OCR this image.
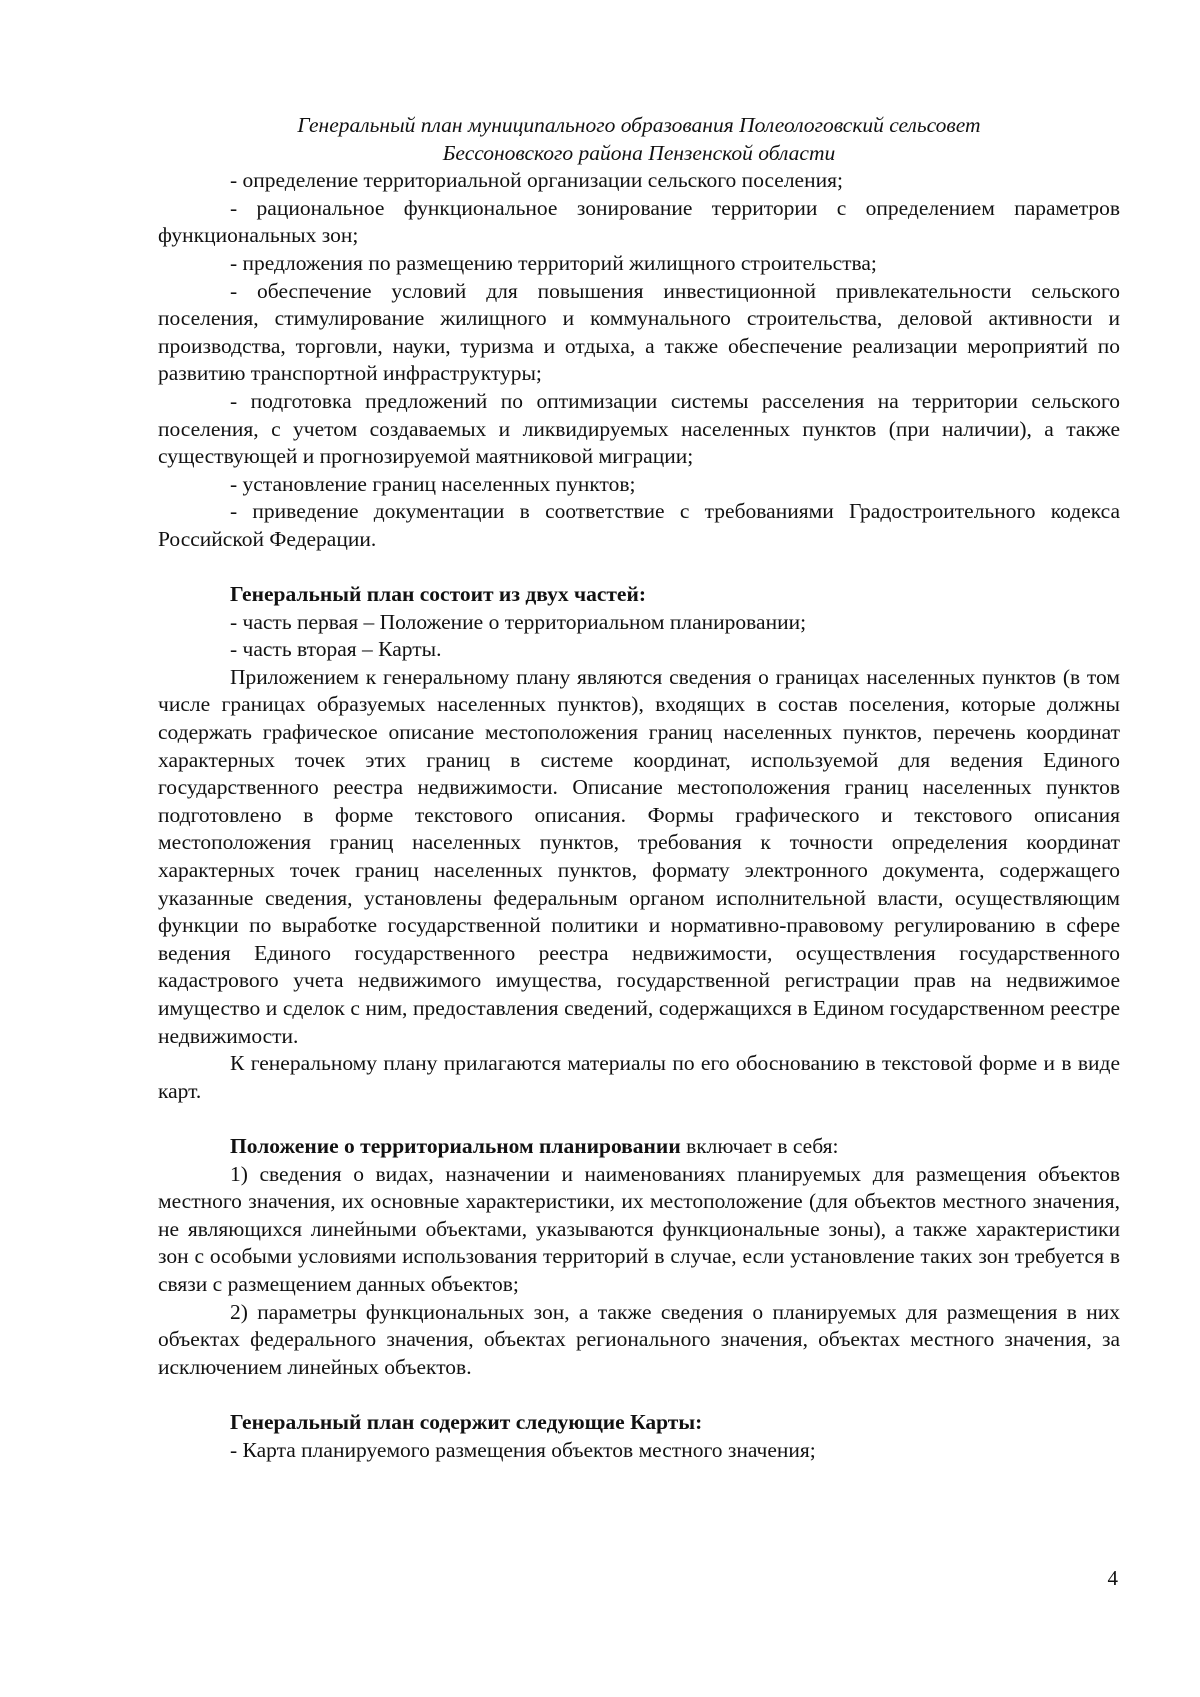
Генеральный план муниципального образования Полеологовский сельсовет
Бессоновского района Пензенской области

- определение территориальной организации сельского поселения;

- рациональное функциональное зонирование территории с определением параметров функциональных зон;

- предложения по размещению территорий жилищного строительства;

- обеспечение условий для повышения инвестиционной привлекательности сельского поселения, стимулирование жилищного и коммунального строительства, деловой активности и производства, торговли, науки, туризма и отдыха, а также обеспечение реализации мероприятий по развитию транспортной инфраструктуры;

- подготовка предложений по оптимизации системы расселения на территории сельского поселения, с учетом создаваемых и ликвидируемых населенных пунктов (при наличии), а также существующей и прогнозируемой маятниковой миграции;

- установление границ населенных пунктов;

- приведение документации в соответствие с требованиями Градостроительного кодекса Российской Федерации.

Генеральный план состоит из двух частей:

- часть первая – Положение о территориальном планировании;

- часть вторая – Карты.

Приложением к генеральному плану являются сведения о границах населенных пунктов (в том числе границах образуемых населенных пунктов), входящих в состав поселения, которые должны содержать графическое описание местоположения границ населенных пунктов, перечень координат характерных точек этих границ в системе координат, используемой для ведения Единого государственного реестра недвижимости. Описание местоположения границ населенных пунктов подготовлено в форме текстового описания. Формы графического и текстового описания местоположения границ населенных пунктов, требования к точности определения координат характерных точек границ населенных пунктов, формату электронного документа, содержащего указанные сведения, установлены федеральным органом исполнительной власти, осуществляющим функции по выработке государственной политики и нормативно-правовому регулированию в сфере ведения Единого государственного реестра недвижимости, осуществления государственного кадастрового учета недвижимого имущества, государственной регистрации прав на недвижимое имущество и сделок с ним, предоставления сведений, содержащихся в Едином государственном реестре недвижимости.

К генеральному плану прилагаются материалы по его обоснованию в текстовой форме и в виде карт.

Положение о территориальном планировании включает в себя:

1) сведения о видах, назначении и наименованиях планируемых для размещения объектов местного значения, их основные характеристики, их местоположение (для объектов местного значения, не являющихся линейными объектами, указываются функциональные зоны), а также характеристики зон с особыми условиями использования территорий в случае, если установление таких зон требуется в связи с размещением данных объектов;

2) параметры функциональных зон, а также сведения о планируемых для размещения в них объектах федерального значения, объектах регионального значения, объектах местного значения, за исключением линейных объектов.

Генеральный план содержит следующие Карты:

- Карта планируемого размещения объектов местного значения;

4
